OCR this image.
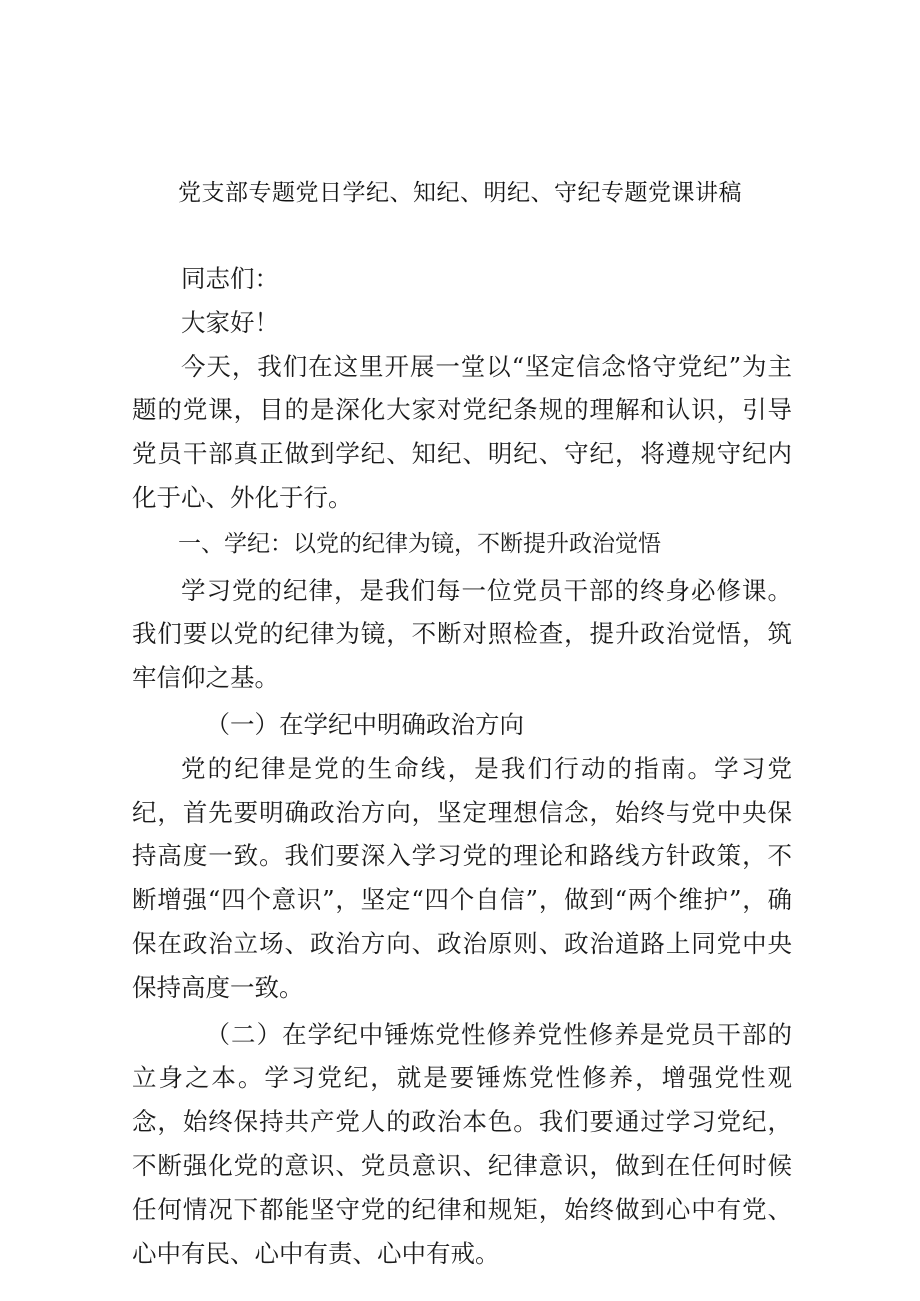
党支部专题党日学纪、知纪、明纪、守纪专题党课讲稿

同志们：

大家好！

今天，我们在这里开展一堂以“坚定信念恪守党纪”为主题的党课，目的是深化大家对党纪条规的理解和认识，引导党员干部真正做到学纪、知纪、明纪、守纪，将遵规守纪内化于心、外化于行。

一、学纪：以党的纪律为镜，不断提升政治觉悟

学习党的纪律，是我们每一位党员干部的终身必修课。我们要以党的纪律为镜，不断对照检查，提升政治觉悟，筑牢信仰之基。

（一）在学纪中明确政治方向

党的纪律是党的生命线，是我们行动的指南。学习党纪，首先要明确政治方向，坚定理想信念，始终与党中央保持高度一致。我们要深入学习党的理论和路线方针政策，不断增强“四个意识”，坚定“四个自信”，做到“两个维护”，确保在政治立场、政治方向、政治原则、政治道路上同党中央保持高度一致。

（二）在学纪中锤炼党性修养党性修养是党员干部的立身之本。学习党纪，就是要锤炼党性修养，增强党性观念，始终保持共产党人的政治本色。我们要通过学习党纪，不断强化党的意识、党员意识、纪律意识，做到在任何时候任何情况下都能坚守党的纪律和规矩，始终做到心中有党、心中有民、心中有责、心中有戒。
